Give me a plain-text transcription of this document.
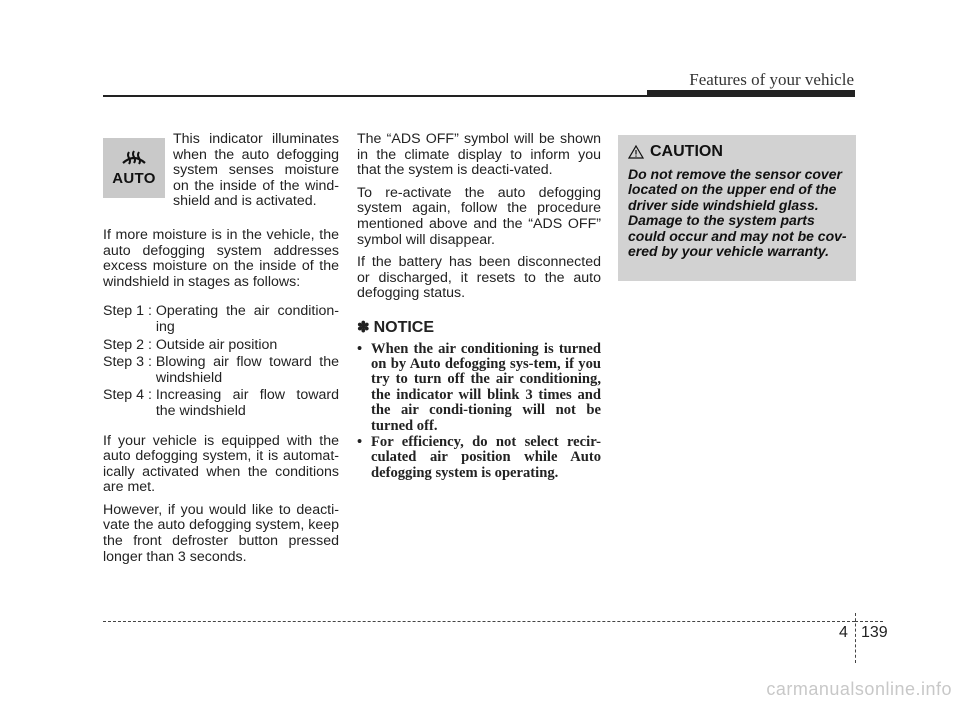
Features of your vehicle
AUTO

This indicator illuminates when the auto defogging system senses moisture on the inside of the wind-shield and is activated.

If more moisture is in the vehicle, the auto defogging system addresses excess moisture on the inside of the windshield in stages as follows:

Step 1 : Operating the air condition-ing
Step 2 : Outside air position
Step 3 : Blowing air flow toward the windshield
Step 4 : Increasing air flow toward the windshield

If your vehicle is equipped with the auto defogging system, it is automat-ically activated when the conditions are met.

However, if you would like to deacti-vate the auto defogging system, keep the front defroster button pressed longer than 3 seconds.

The “ADS OFF” symbol will be shown in the climate display to inform you that the system is deacti-vated.

To re-activate the auto defogging system again, follow the procedure mentioned above and the “ADS OFF” symbol will disappear.

If the battery has been disconnected or discharged, it resets to the auto defogging status.

✽ NOTICE
• When the air conditioning is turned on by Auto defogging sys-tem, if you try to turn off the air conditioning, the indicator will blink 3 times and the air condi-tioning will not be turned off.
• For efficiency, do not select recir-culated air position while Auto defogging system is operating.
CAUTION
Do not remove the sensor cover located on the upper end of the driver side windshield glass. Damage to the system parts could occur and may not be cov-ered by your vehicle warranty.
4 139
carmanualsonline.info
